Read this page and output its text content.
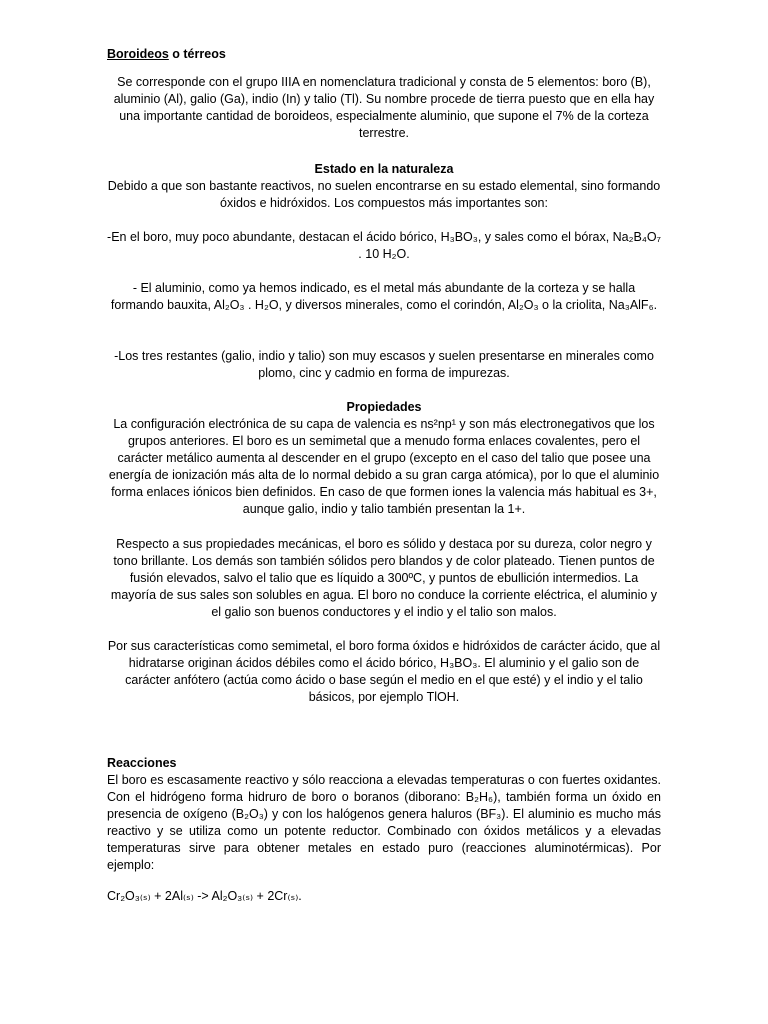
Boroideos o térreos

Se corresponde con el grupo IIIA en nomenclatura tradicional y consta de 5 elementos: boro (B), aluminio (Al), galio (Ga), indio (In) y talio (Tl). Su nombre procede de tierra puesto que en ella hay una importante cantidad de boroideos, especialmente aluminio, que supone el 7% de la corteza terrestre.

Estado en la naturaleza

Debido a que son bastante reactivos, no suelen encontrarse en su estado elemental, sino formando óxidos e hidróxidos. Los compuestos más importantes son:

-En el boro, muy poco abundante, destacan el ácido bórico, H₃BO₃, y sales como el bórax, Na₂B₄O₇ . 10 H₂O.

- El aluminio, como ya hemos indicado, es el metal más abundante de la corteza y se halla formando bauxita, Al₂O₃ . H₂O, y diversos minerales, como el corindón, Al₂O₃ o la criolita, Na₃AlF₆.

-Los tres restantes (galio, indio y talio) son muy escasos y suelen presentarse en minerales como plomo, cinc y cadmio en forma de impurezas.

Propiedades

La configuración electrónica de su capa de valencia es ns²np¹ y son más electronegativos que los grupos anteriores. El boro es un semimetal que a menudo forma enlaces covalentes, pero el carácter metálico aumenta al descender en el grupo (excepto en el caso del talio que posee una energía de ionización más alta de lo normal debido a su gran carga atómica), por lo que el aluminio forma enlaces iónicos bien definidos. En caso de que formen iones la valencia más habitual es 3+, aunque galio, indio y talio también presentan la 1+.

Respecto a sus propiedades mecánicas, el boro es sólido y destaca por su dureza, color negro y tono brillante. Los demás son también sólidos pero blandos y de color plateado. Tienen puntos de fusión elevados, salvo el talio que es líquido a 300ºC, y puntos de ebullición intermedios. La mayoría de sus sales son solubles en agua. El boro no conduce la corriente eléctrica, el aluminio y el galio son buenos conductores y el indio y el talio son malos.

Por sus características como semimetal, el boro forma óxidos e hidróxidos de carácter ácido, que al hidratarse originan ácidos débiles como el ácido bórico, H₃BO₃. El aluminio y el galio son de carácter anfótero (actúa como ácido o base según el medio en el que esté) y el indio y el talio básicos, por ejemplo TlOH.

Reacciones

El boro es escasamente reactivo y sólo reacciona a elevadas temperaturas o con fuertes oxidantes. Con el hidrógeno forma hidruro de boro o boranos (diborano: B₂H₆), también forma un óxido en presencia de oxígeno (B₂O₃) y con los halógenos genera haluros (BF₃). El aluminio es mucho más reactivo y se utiliza como un potente reductor. Combinado con óxidos metálicos y a elevadas temperaturas sirve para obtener metales en estado puro (reacciones aluminotérmicas). Por ejemplo:

Cr₂O₃₍ₛ₎ + 2Al₍ₛ₎ -> Al₂O₃₍ₛ₎ + 2Cr₍ₛ₎.
